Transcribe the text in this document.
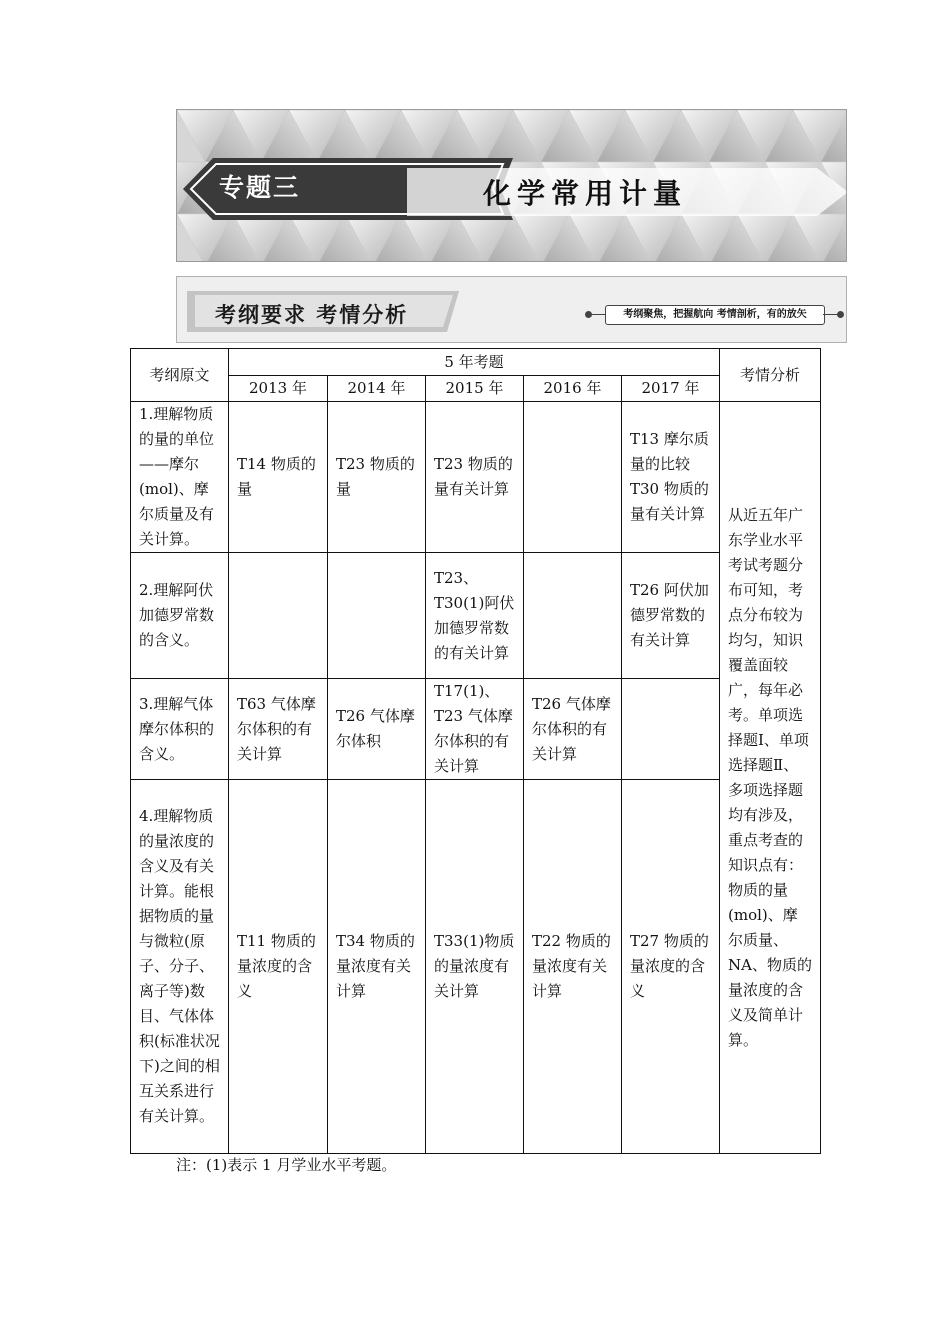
专题三	化学常用计量
考纲要求 考情分析	考纲聚焦，把握航向 考情剖析，有的放矢
考纲原文	5 年考题					考情分析
	2013 年	2014 年	2015 年	2016 年	2017 年	
1.理解物质的量的单位——摩尔(mol)、摩尔质量及有关计算。	T14 物质的量	T23 物质的量	T23 物质的量有关计算		T13 摩尔质量的比较 T30 物质的量有关计算	从近五年广东学业水平考试考题分布可知，考点分布较为均匀，知识覆盖面较广，每年必考。单项选择题Ⅰ、单项选择题Ⅱ、多项选择题均有涉及，重点考查的知识点有：物质的量(mol)、摩尔质量、NA、物质的量浓度的含义及简单计算。
2.理解阿伏加德罗常数的含义。			T23、T30(1)阿伏加德罗常数的有关计算		T26 阿伏加德罗常数的有关计算	
3.理解气体摩尔体积的含义。	T63 气体摩尔体积的有关计算	T26 气体摩尔体积	T17(1)、T23 气体摩尔体积的有关计算	T26 气体摩尔体积的有关计算		
4.理解物质的量浓度的含义及有关计算。能根据物质的量与微粒(原子、分子、离子等)数目、气体体积(标准状况下)之间的相互关系进行有关计算。	T11 物质的量浓度的含义	T34 物质的量浓度有关计算	T33(1)物质的量浓度有关计算	T22 物质的量浓度有关计算	T27 物质的量浓度的含义	
注：(1)表示 1 月学业水平考题。
